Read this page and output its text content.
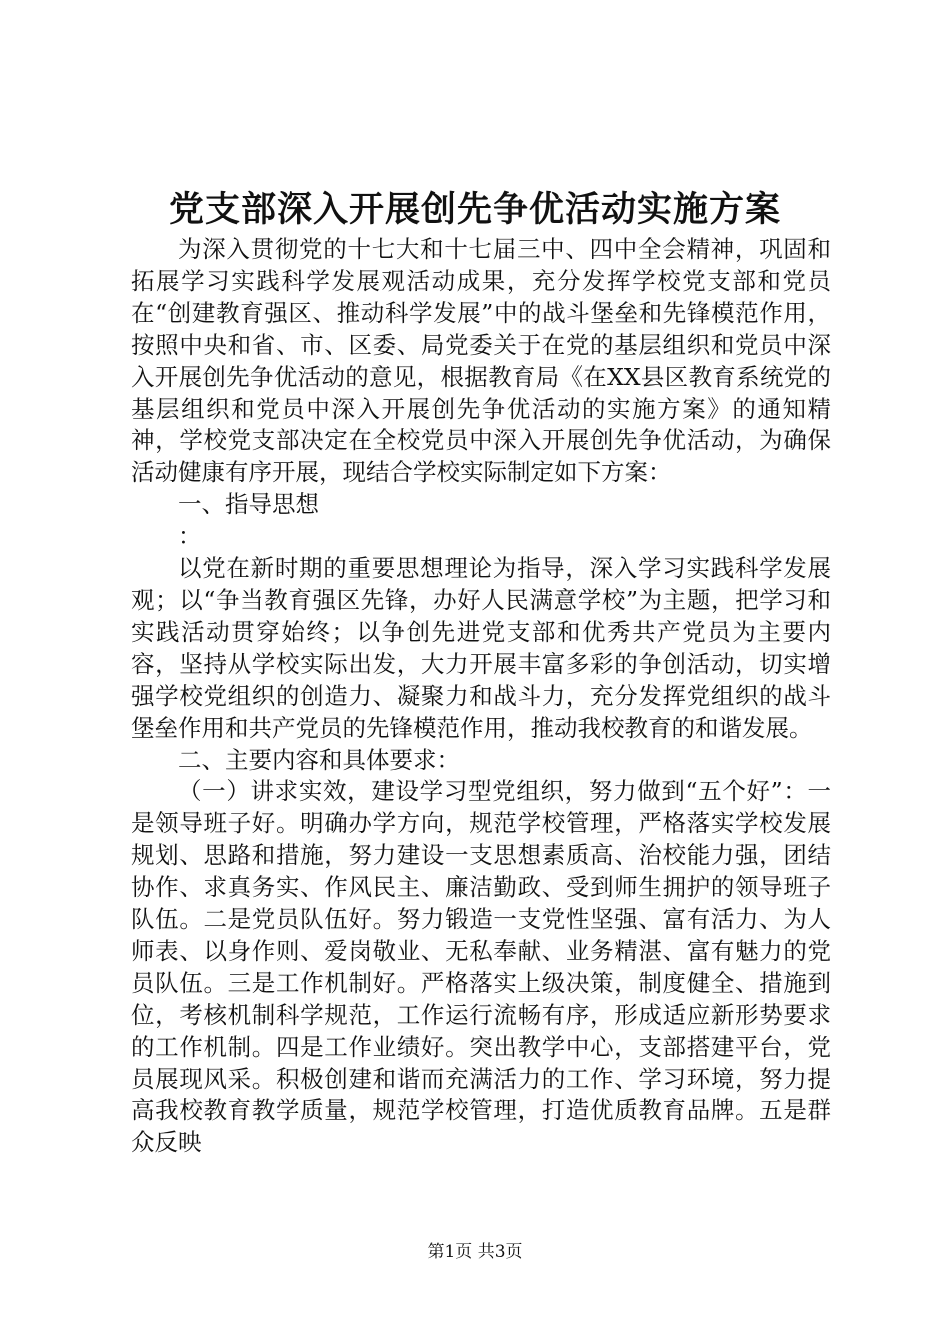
党支部深入开展创先争优活动实施方案

为深入贯彻党的十七大和十七届三中、四中全会精神，巩固和拓展学习实践科学发展观活动成果，充分发挥学校党支部和党员在“创建教育强区、推动科学发展”中的战斗堡垒和先锋模范作用，按照中央和省、市、区委、局党委关于在党的基层组织和党员中深入开展创先争优活动的意见，根据教育局《在XX县区教育系统党的基层组织和党员中深入开展创先争优活动的实施方案》的通知精神，学校党支部决定在全校党员中深入开展创先争优活动，为确保活动健康有序开展，现结合学校实际制定如下方案：

一、指导思想

：

以党在新时期的重要思想理论为指导，深入学习实践科学发展观；以“争当教育强区先锋，办好人民满意学校”为主题，把学习和实践活动贯穿始终；以争创先进党支部和优秀共产党员为主要内容，坚持从学校实际出发，大力开展丰富多彩的争创活动，切实增强学校党组织的创造力、凝聚力和战斗力，充分发挥党组织的战斗堡垒作用和共产党员的先锋模范作用，推动我校教育的和谐发展。

二、主要内容和具体要求：

（一）讲求实效，建设学习型党组织，努力做到“五个好”：一是领导班子好。明确办学方向，规范学校管理，严格落实学校发展规划、思路和措施，努力建设一支思想素质高、治校能力强，团结协作、求真务实、作风民主、廉洁勤政、受到师生拥护的领导班子队伍。二是党员队伍好。努力锻造一支党性坚强、富有活力、为人师表、以身作则、爱岗敬业、无私奉献、业务精湛、富有魅力的党员队伍。三是工作机制好。严格落实上级决策，制度健全、措施到位，考核机制科学规范，工作运行流畅有序，形成适应新形势要求的工作机制。四是工作业绩好。突出教学中心，支部搭建平台，党员展现风采。积极创建和谐而充满活力的工作、学习环境，努力提高我校教育教学质量，规范学校管理，打造优质教育品牌。五是群众反映

第1页 共3页
